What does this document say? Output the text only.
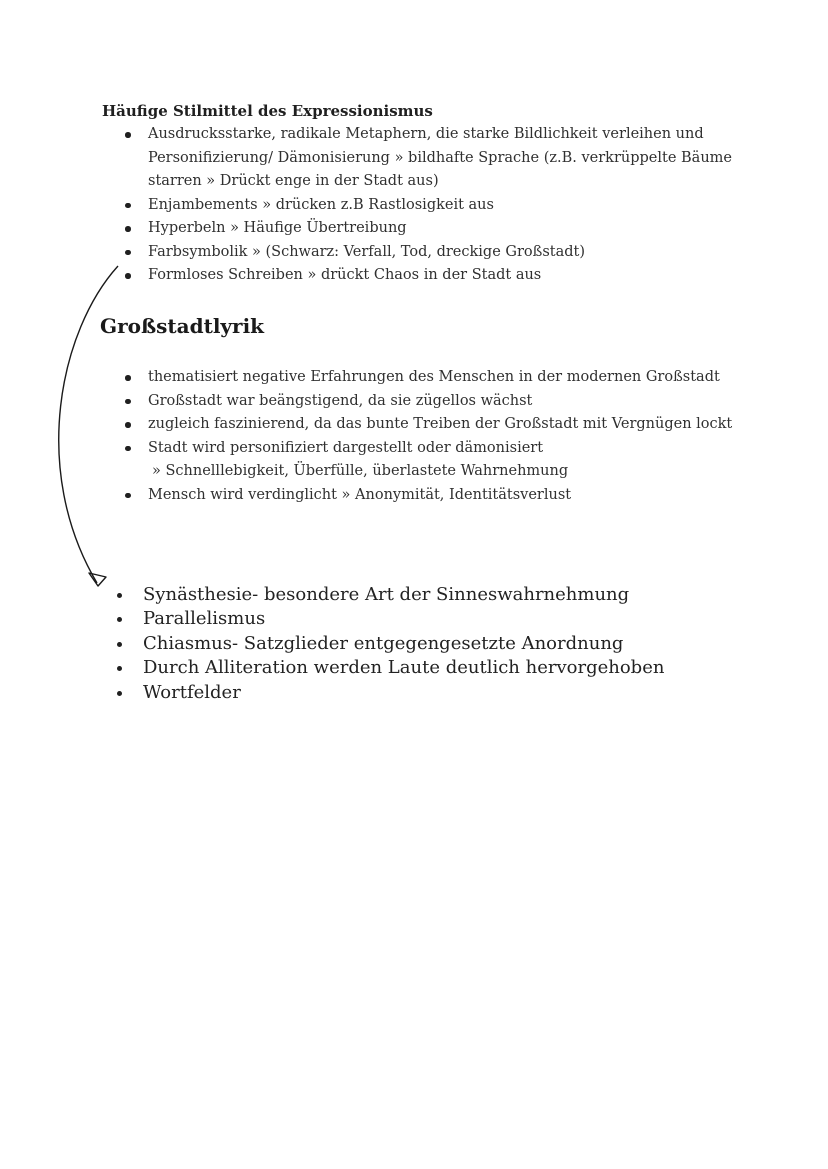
Häufige Stilmittel des Expressionismus
Ausdrucksstarke, radikale Metaphern, die starke Bildlichkeit verleihen und
Personifizierung/ Dämonisierung » bildhafte Sprache (z.B. verkrüppelte Bäume
starren » Drückt enge in der Stadt aus)
Enjambements » drücken z.B Rastlosigkeit aus
Hyperbeln » Häufige Übertreibung
Farbsymbolik » (Schwarz: Verfall, Tod, dreckige Großstadt)
Formloses Schreiben » drückt Chaos in der Stadt aus
Großstadtlyrik
thematisiert negative Erfahrungen des Menschen in der modernen Großstadt
Großstadt war beängstigend, da sie zügellos wächst
zugleich faszinierend, da das bunte Treiben der Großstadt mit Vergnügen lockt
Stadt wird personifiziert dargestellt oder dämonisiert
» Schnelllebigkeit, Überfülle, überlastete Wahrnehmung
Mensch wird verdinglicht » Anonymität, Identitätsverlust
Synästhesie- besondere Art der Sinneswahrnehmung
Parallelismus
Chiasmus- Satzglieder entgegengesetzte Anordnung
Durch Alliteration werden Laute deutlich hervorgehoben
Wortfelder
